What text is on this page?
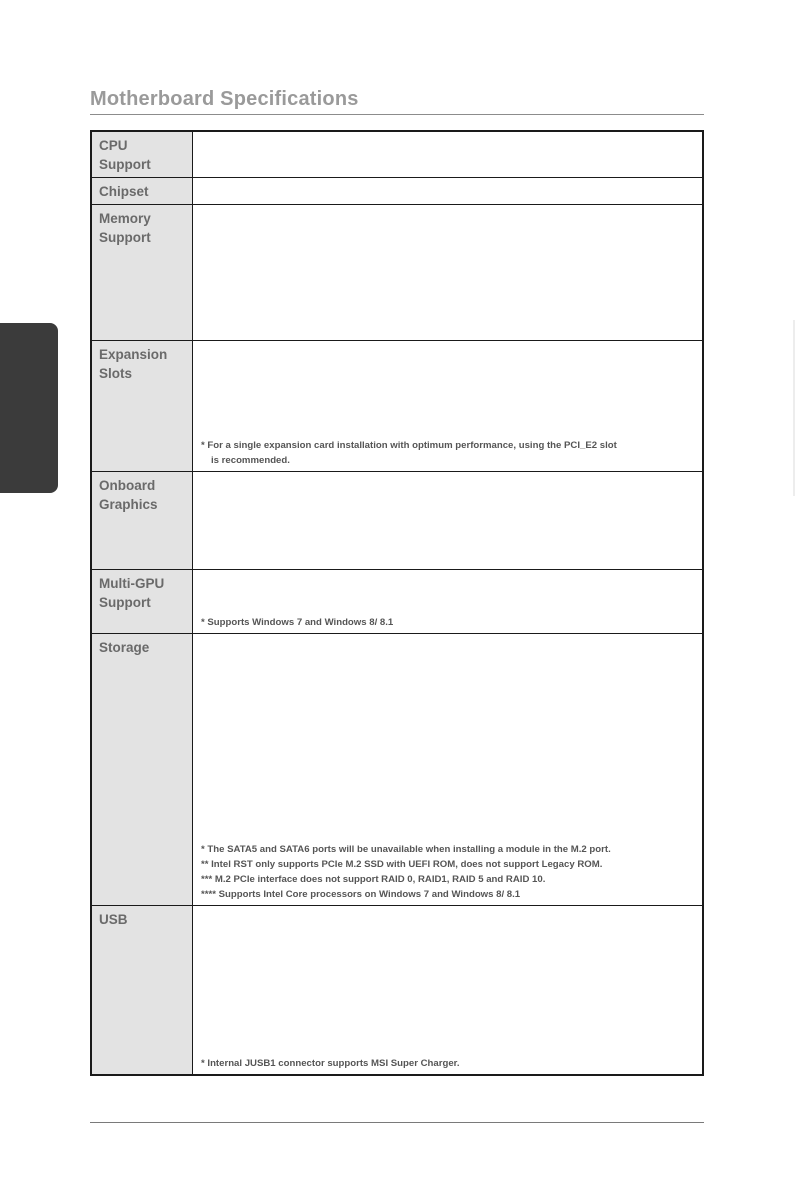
Motherboard Specifications
CPU
Support	

Chipset	

Memory
Support	

Expansion
Slots	* For a single expansion card installation with optimum performance, using the PCI_E2 slot
is recommended.

Onboard
Graphics	

Multi-GPU
Support	* Supports Windows 7 and Windows 8/ 8.1

Storage	* The SATA5 and SATA6 ports will be unavailable when installing a module in the M.2 port.
** Intel RST only supports PCIe M.2 SSD with UEFI ROM, does not support Legacy ROM.
*** M.2 PCIe interface does not support RAID 0, RAID1, RAID 5 and RAID 10.
**** Supports Intel Core processors on Windows 7 and Windows 8/ 8.1

USB	* Internal JUSB1 connector supports MSI Super Charger.
